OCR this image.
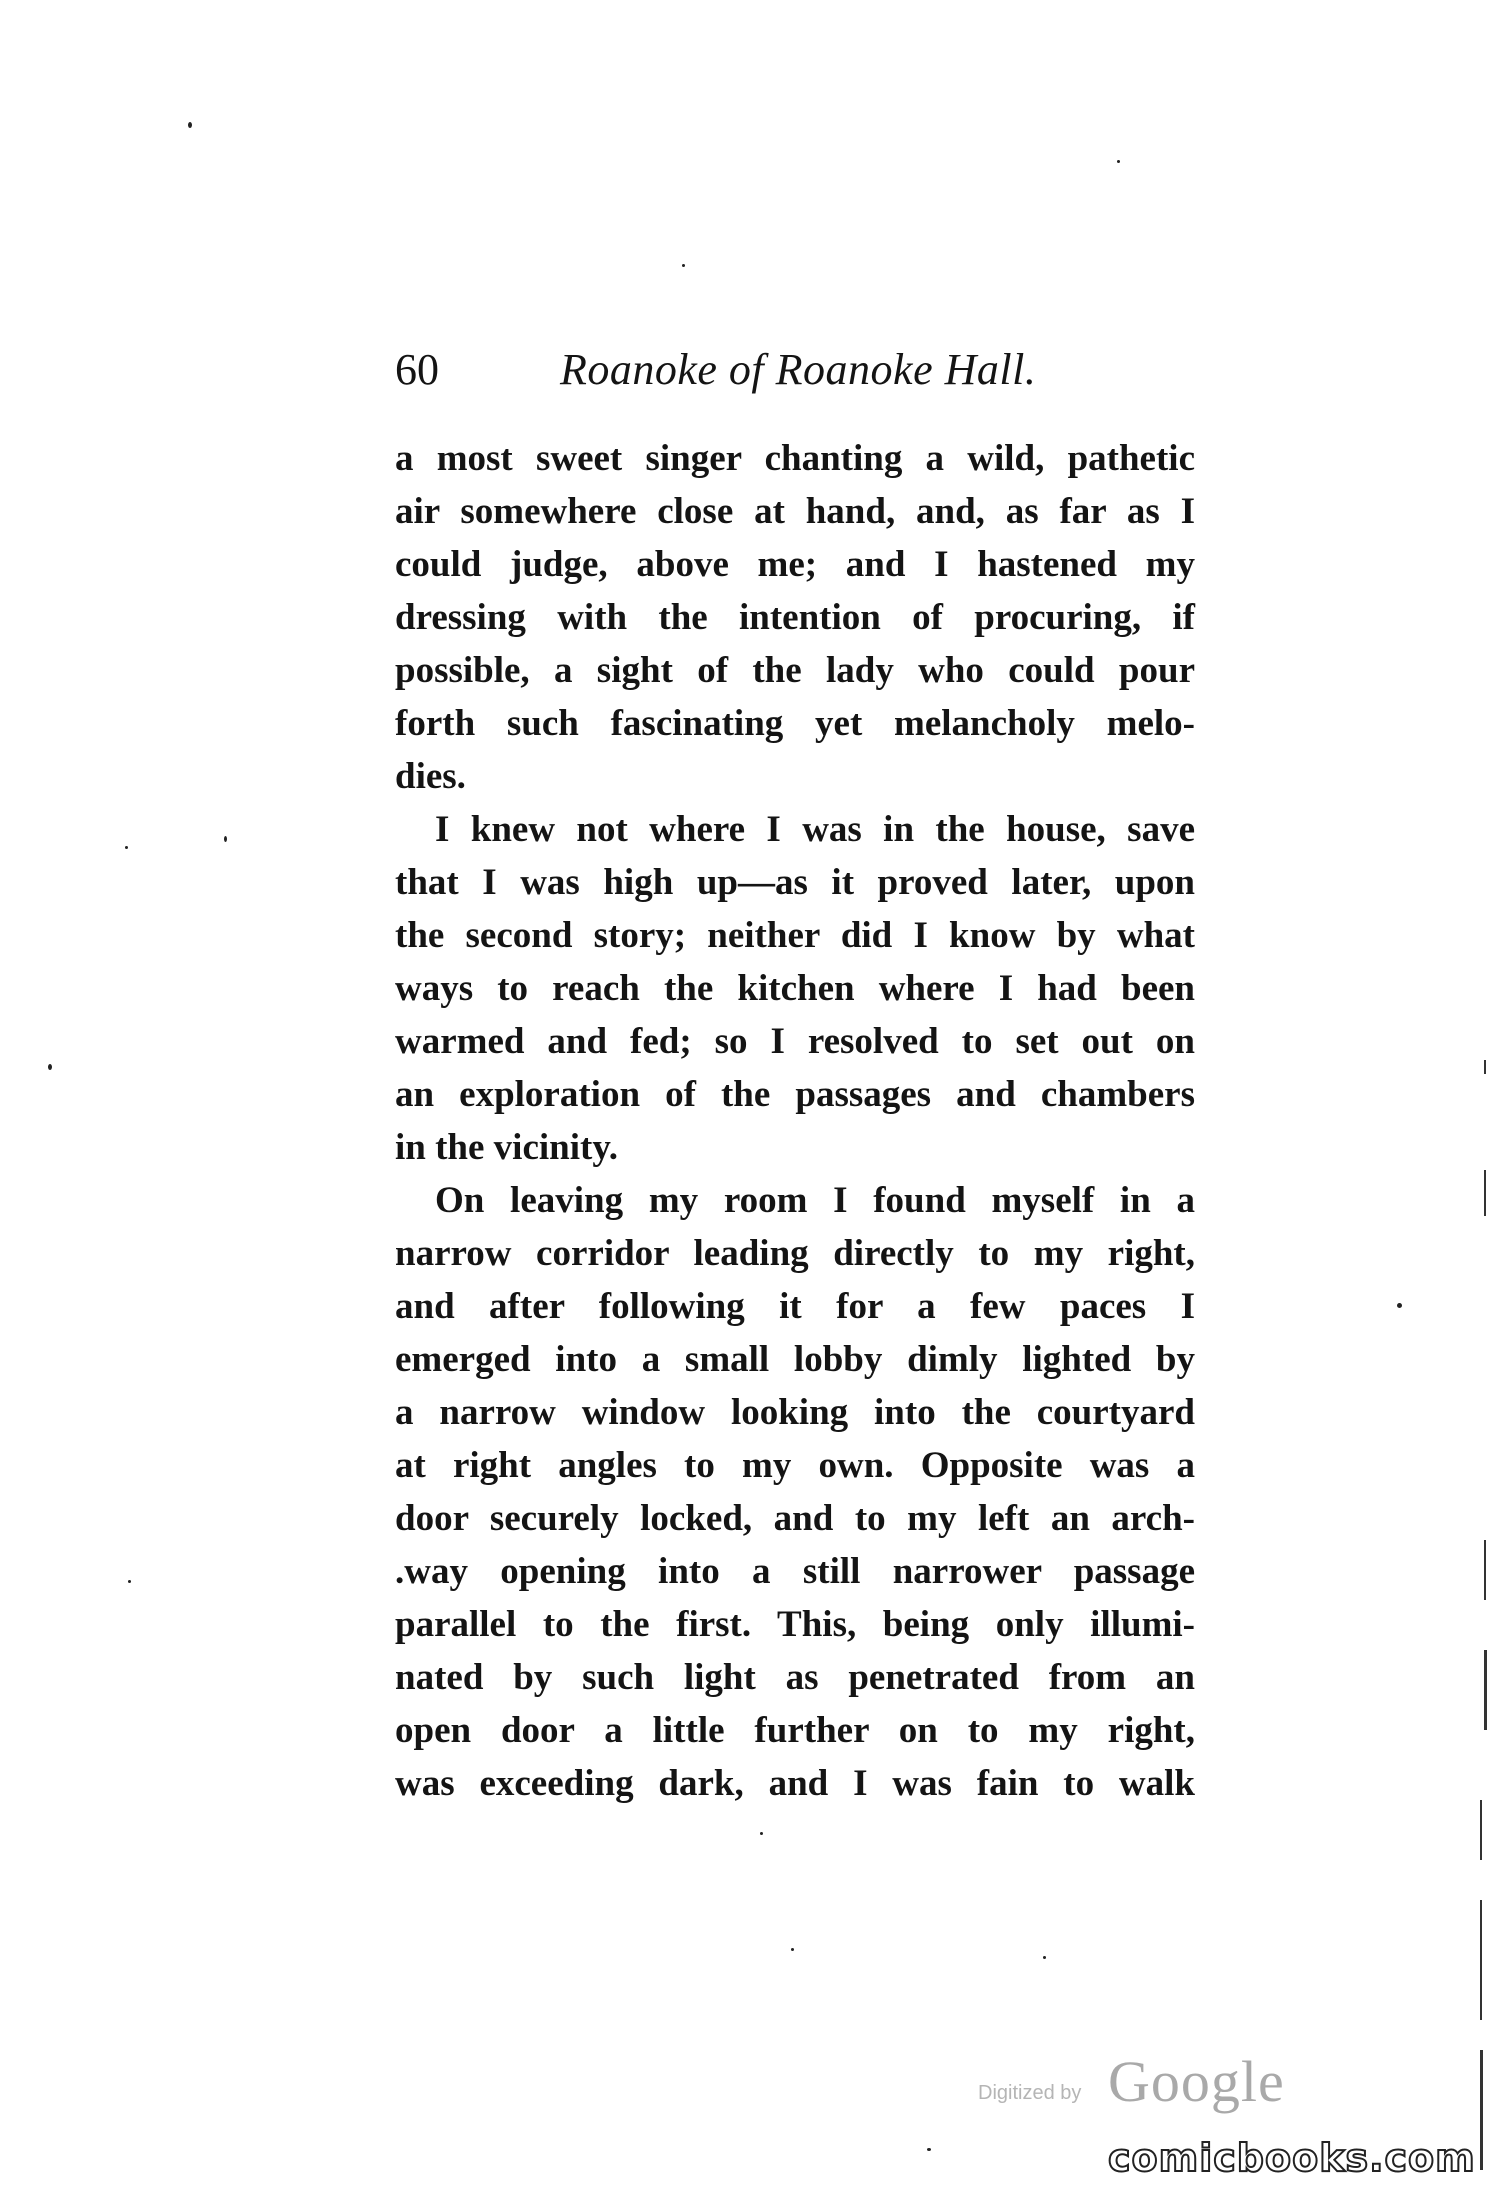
60	Roanoke of Roanoke Hall.
a most sweet singer chanting a wild, pathetic
air somewhere close at hand, and, as far as I
could judge, above me; and I hastened my
dressing with the intention of procuring, if
possible, a sight of the lady who could pour
forth such fascinating yet melancholy melo-
dies.
I knew not where I was in the house, save
that I was high up—as it proved later, upon
the second story; neither did I know by what
ways to reach the kitchen where I had been
warmed and fed; so I resolved to set out on
an exploration of the passages and chambers
in the vicinity.
On leaving my room I found myself in a
narrow corridor leading directly to my right,
and after following it for a few paces I
emerged into a small lobby dimly lighted by
a narrow window looking into the courtyard
at right angles to my own. Opposite was a
door securely locked, and to my left an arch-
.way opening into a still narrower passage
parallel to the first. This, being only illumi-
nated by such light as penetrated from an
open door a little further on to my right,
was exceeding dark, and I was fain to walk
Digitized by Google
comicbooks.com
